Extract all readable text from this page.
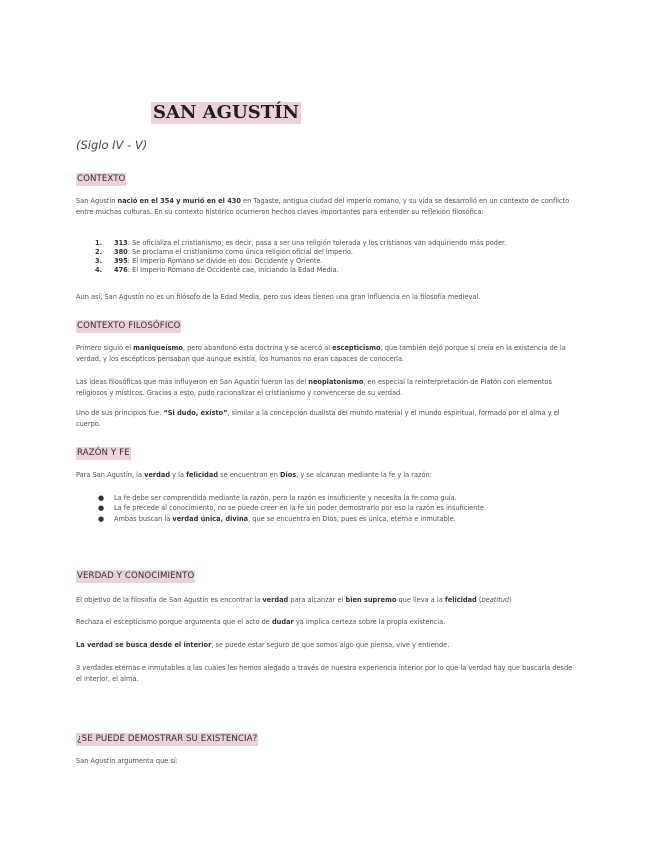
SAN AGUSTÍN

(Siglo IV - V)

CONTEXTO

San Agustín nació en el 354 y murió en el 430 en Tagaste, antigua ciudad del imperio romano, y su vida se desarrolló en un contexto de conflicto entre muchas culturas. En su contexto histórico ocurrieron hechos claves importantes para entender su reflexión filosófica:

1. 313: Se oficializa el cristianismo, es decir, pasa a ser una religión tolerada y los cristianos van adquiriendo más poder.
2. 380: Se proclama el cristianismo como única religión oficial del imperio.
3. 395: El Imperio Romano se divide en dos: Occidente y Oriente.
4. 476: El Imperio Romano de Occidente cae, iniciando la Edad Media.

Aun así, San Agustín no es un filósofo de la Edad Media, pero sus ideas tienen una gran influencia en la filosofía medieval.

CONTEXTO FILOSÓFICO

Primero siguió el maniqueísmo, pero abandonó esta doctrina y se acercó al escepticismo, que también dejó porque sí creía en la existencia de la verdad, y los escépticos pensaban que aunque existía, los humanos no eran capaces de conocerla.

Las ideas filosóficas que más influyeron en San Agustín fueron las del neoplatonismo, en especial la reinterpretación de Platón con elementos religiosos y místicos. Gracias a esto, pudo racionalizar el cristianismo y convencerse de su verdad.

Uno de sus principios fue: “Si dudo, existo”, similar a la concepción dualista del mundo material y el mundo espiritual, formado por el alma y el cuerpo.

RAZÓN Y FE

Para San Agustín, la verdad y la felicidad se encuentran en Dios, y se alcanzan mediante la fe y la razón:

● La fe debe ser comprendida mediante la razón, pero la razón es insuficiente y necesita la fe como guía.
● La fe precede al conocimiento, no se puede creer en la fe sin poder demostrarlo por eso la razón es insuficiente.
● Ambas buscan la verdad única, divina, que se encuentra en Dios, pues es única, eterna e inmutable.
VERDAD Y CONOCIMIENTO

El objetivo de la filosofía de San Agustín es encontrar la verdad para alcanzar el bien supremo que lleva a la felicidad (beatitud)

Rechaza el escepticismo porque argumenta que el acto de dudar ya implica certeza sobre la propia existencia.

La verdad se busca desde el interior, se puede estar seguro de que somos algo que piensa, vive y entiende.

3 verdades eternas e inmutables a las cuales les hemos alegado a través de nuestra experiencia interior por lo que la verdad hay que buscarla desde el interior, el alma.

¿SE PUEDE DEMOSTRAR SU EXISTENCIA?

San Agustín argumenta que sí:
